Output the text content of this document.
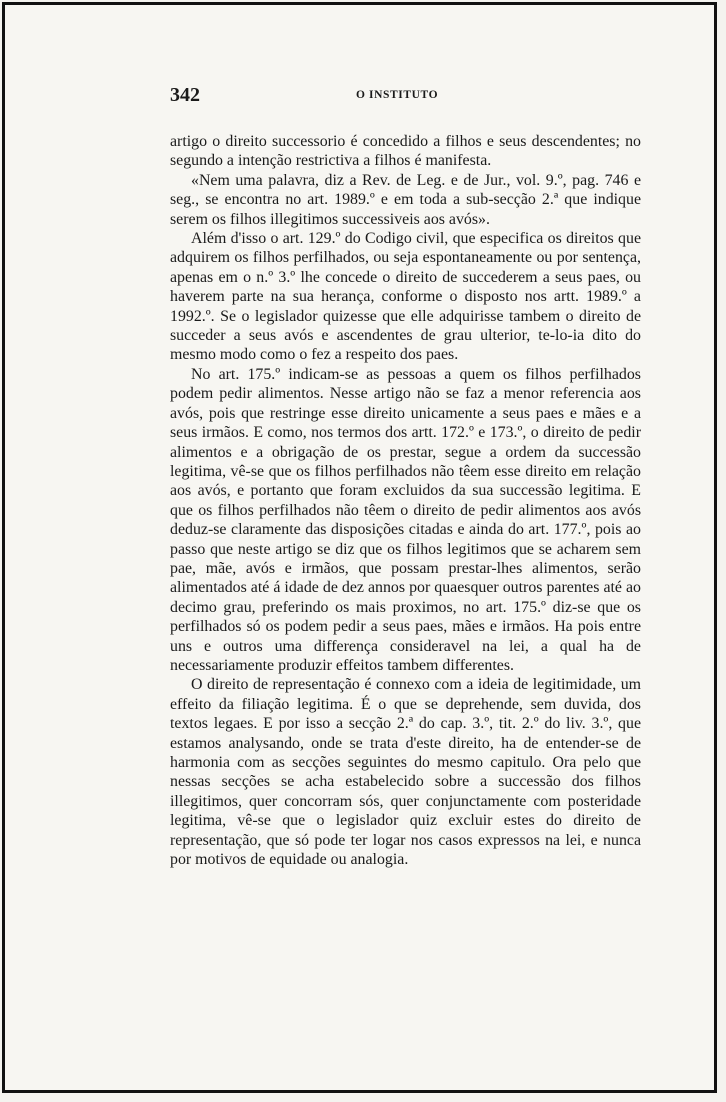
342	O INSTITUTO

artigo o direito successorio é concedido a filhos e seus descendentes; no segundo a intenção restrictiva a filhos é manifesta.

«Nem uma palavra, diz a Rev. de Leg. e de Jur., vol. 9.º, pag. 746 e seg., se encontra no art. 1989.º e em toda a sub-secção 2.ª que indique serem os filhos illegitimos successiveis aos avós».

Além d'isso o art. 129.º do Codigo civil, que especifica os direitos que adquirem os filhos perfilhados, ou seja espontaneamente ou por sentença, apenas em o n.º 3.º lhe concede o direito de succederem a seus paes, ou haverem parte na sua herança, conforme o disposto nos artt. 1989.º a 1992.º. Se o legislador quizesse que elle adquirisse tambem o direito de succeder a seus avós e ascendentes de grau ulterior, te-lo-ia dito do mesmo modo como o fez a respeito dos paes.

No art. 175.º indicam-se as pessoas a quem os filhos perfilhados podem pedir alimentos. Nesse artigo não se faz a menor referencia aos avós, pois que restringe esse direito unicamente a seus paes e mães e a seus irmãos. E como, nos termos dos artt. 172.º e 173.º, o direito de pedir alimentos e a obrigação de os prestar, segue a ordem da successão legitima, vê-se que os filhos perfilhados não têem esse direito em relação aos avós, e portanto que foram excluidos da sua successão legitima. E que os filhos perfilhados não têem o direito de pedir alimentos aos avós deduz-se claramente das disposições citadas e ainda do art. 177.º, pois ao passo que neste artigo se diz que os filhos legitimos que se acharem sem pae, mãe, avós e irmãos, que possam prestar-lhes alimentos, serão alimentados até á idade de dez annos por quaesquer outros parentes até ao decimo grau, preferindo os mais proximos, no art. 175.º diz-se que os perfilhados só os podem pedir a seus paes, mães e irmãos. Ha pois entre uns e outros uma differença consideravel na lei, a qual ha de necessariamente produzir effeitos tambem differentes.

O direito de representação é connexo com a ideia de legitimidade, um effeito da filiação legitima. É o que se deprehende, sem duvida, dos textos legaes. E por isso a secção 2.ª do cap. 3.º, tit. 2.º do liv. 3.º, que estamos analysando, onde se trata d'este direito, ha de entender-se de harmonia com as secções seguintes do mesmo capitulo. Ora pelo que nessas secções se acha estabelecido sobre a successão dos filhos illegitimos, quer concorram sós, quer conjunctamente com posteridade legitima, vê-se que o legislador quiz excluir estes do direito de representação, que só pode ter logar nos casos expressos na lei, e nunca por motivos de equidade ou analogia.
